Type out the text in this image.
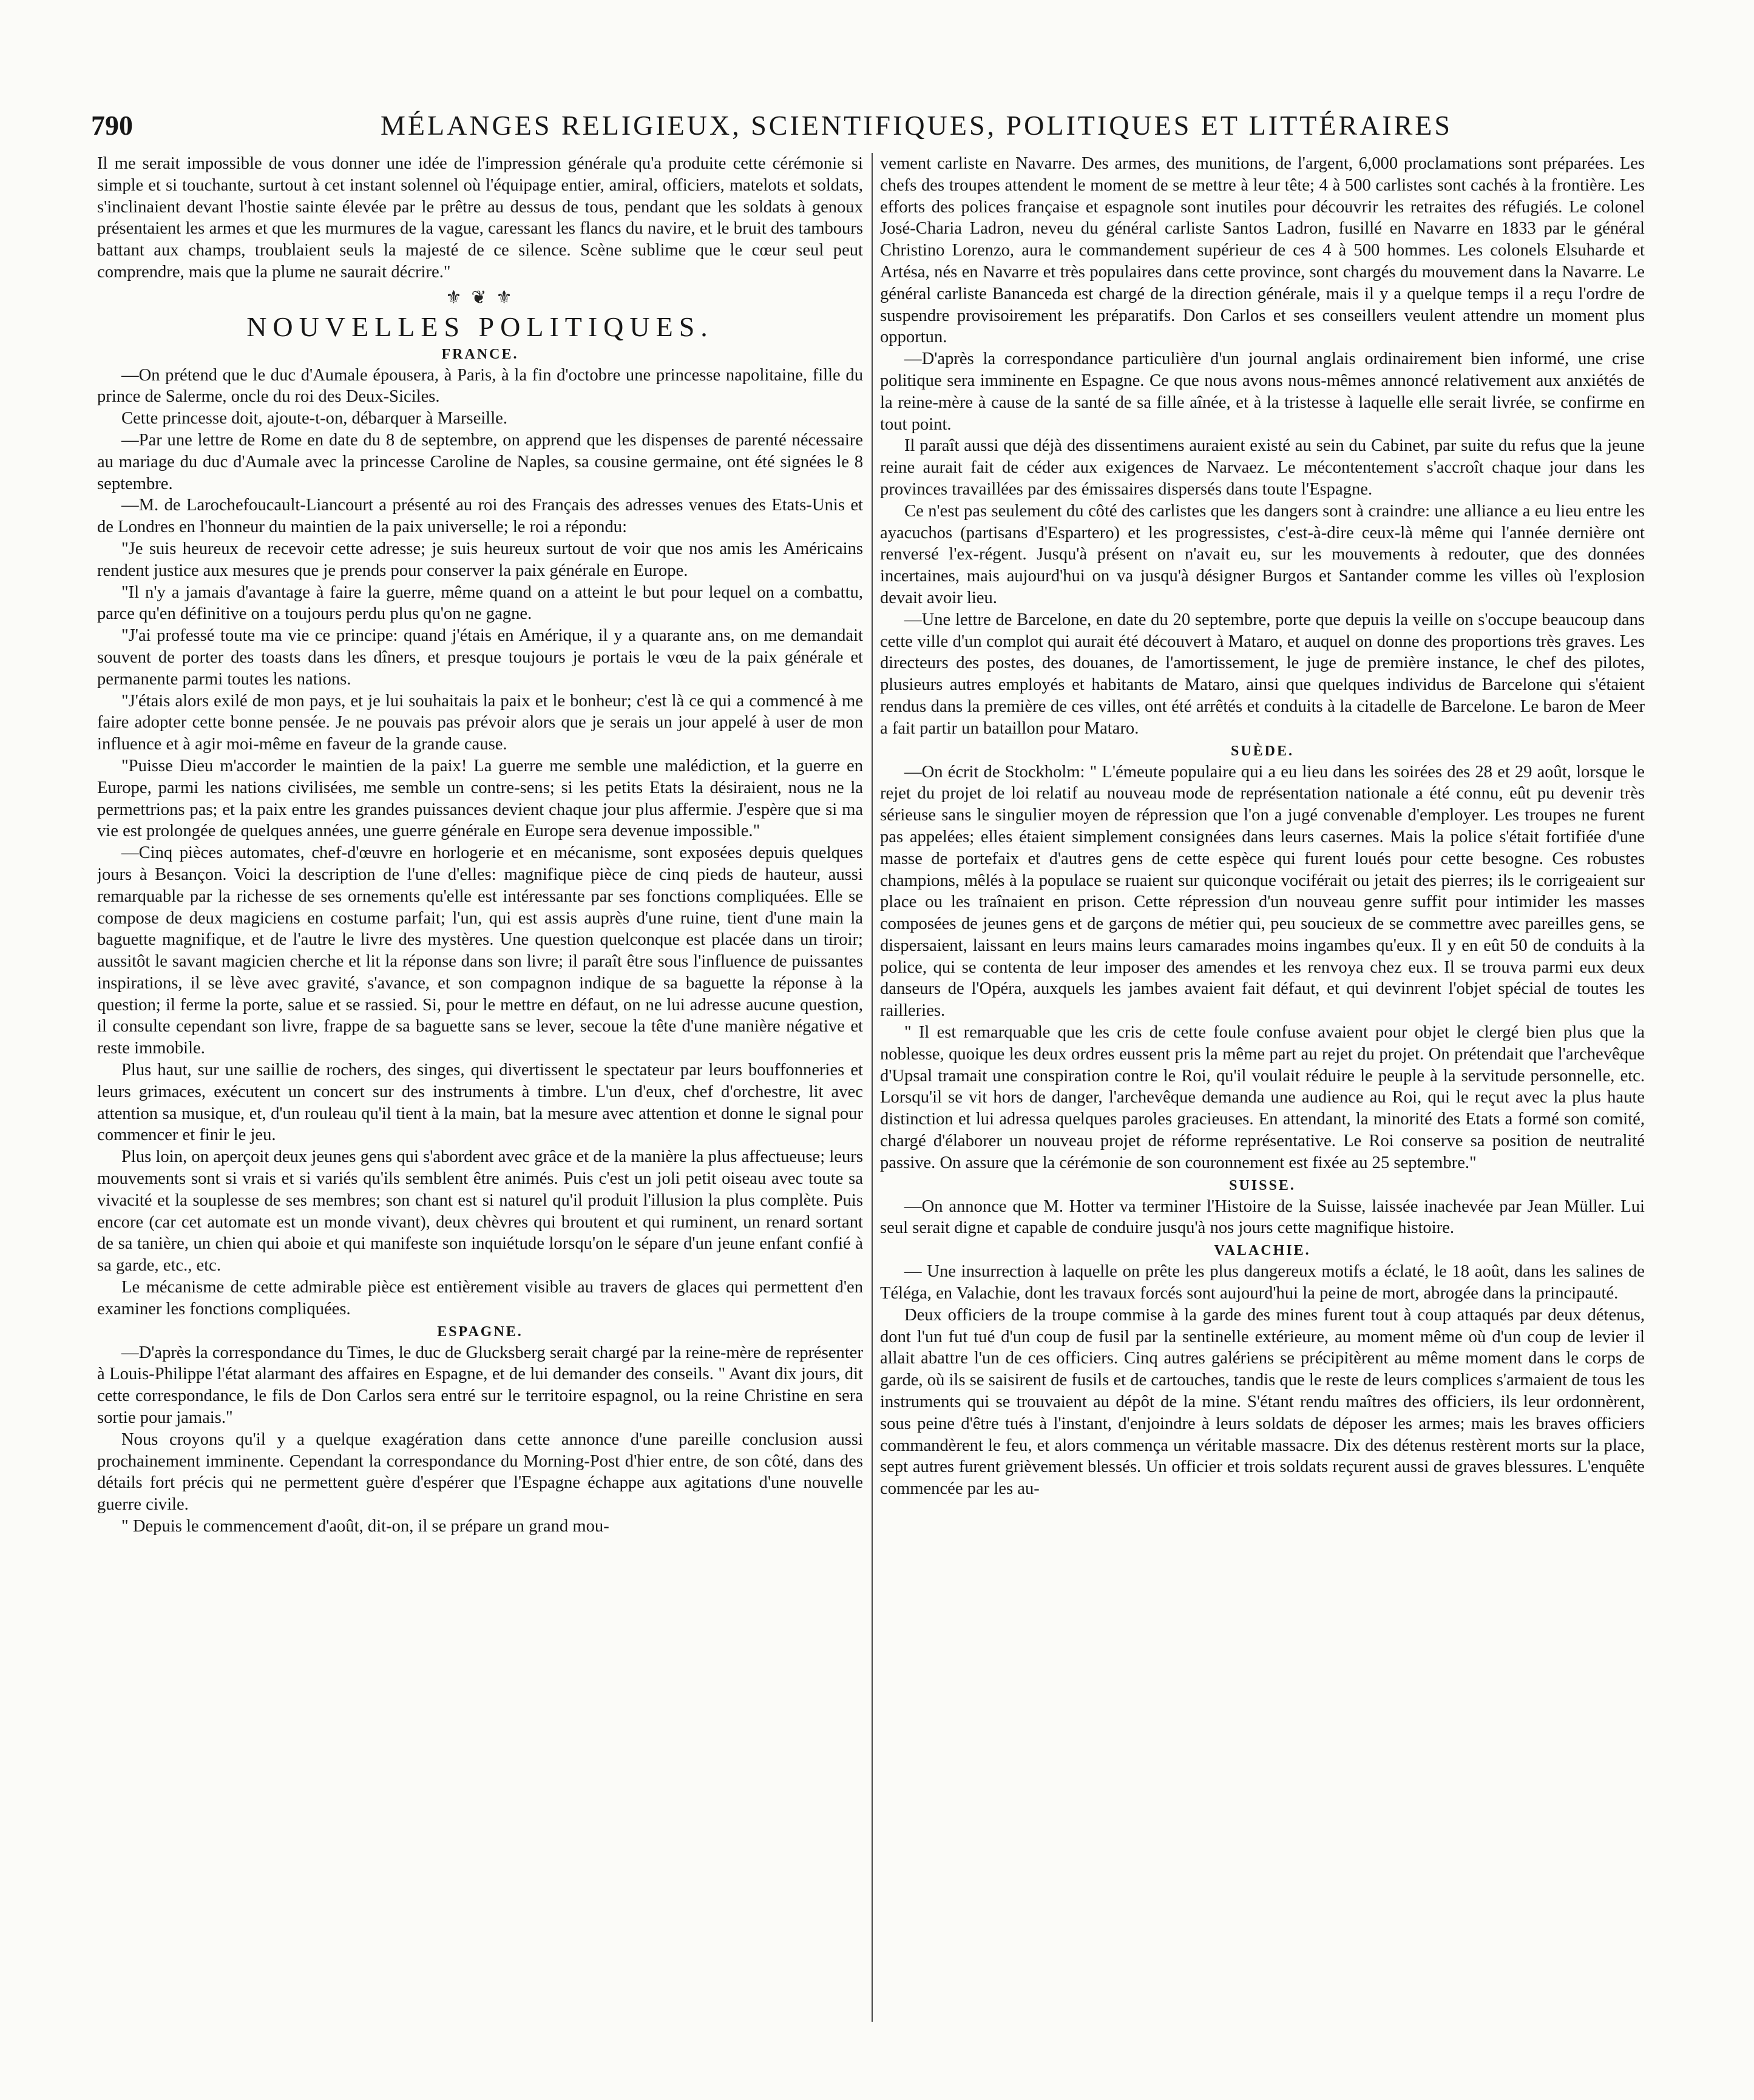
790	MÉLANGES RELIGIEUX, SCIENTIFIQUES, POLITIQUES ET LITTÉRAIRES

Il me serait impossible de vous donner une idée de l'impression générale qu'a produite cette cérémonie si simple et si touchante, surtout à cet instant solennel où l'équipage entier, amiral, officiers, matelots et soldats, s'inclinaient devant l'hostie sainte élevée par le prêtre au dessus de tous, pendant que les soldats à genoux présentaient les armes et que les murmures de la vague, caressant les flancs du navire, et le bruit des tambours battant aux champs, troublaient seuls la majesté de ce silence. Scène sublime que le cœur seul peut comprendre, mais que la plume ne saurait décrire."

⚜ ❦ ⚜
NOUVELLES POLITIQUES.
FRANCE.

—On prétend que le duc d'Aumale épousera, à Paris, à la fin d'octobre une princesse napolitaine, fille du prince de Salerme, oncle du roi des Deux-Siciles.

Cette princesse doit, ajoute-t-on, débarquer à Marseille.

—Par une lettre de Rome en date du 8 de septembre, on apprend que les dispenses de parenté nécessaire au mariage du duc d'Aumale avec la princesse Caroline de Naples, sa cousine germaine, ont été signées le 8 septembre.

—M. de Larochefoucault-Liancourt a présenté au roi des Français des adresses venues des Etats-Unis et de Londres en l'honneur du maintien de la paix universelle; le roi a répondu:

"Je suis heureux de recevoir cette adresse; je suis heureux surtout de voir que nos amis les Américains rendent justice aux mesures que je prends pour conserver la paix générale en Europe.

"Il n'y a jamais d'avantage à faire la guerre, même quand on a atteint le but pour lequel on a combattu, parce qu'en définitive on a toujours perdu plus qu'on ne gagne.

"J'ai professé toute ma vie ce principe: quand j'étais en Amérique, il y a quarante ans, on me demandait souvent de porter des toasts dans les dîners, et presque toujours je portais le vœu de la paix générale et permanente parmi toutes les nations.

"J'étais alors exilé de mon pays, et je lui souhaitais la paix et le bonheur; c'est là ce qui a commencé à me faire adopter cette bonne pensée. Je ne pouvais pas prévoir alors que je serais un jour appelé à user de mon influence et à agir moi-même en faveur de la grande cause.

"Puisse Dieu m'accorder le maintien de la paix! La guerre me semble une malédiction, et la guerre en Europe, parmi les nations civilisées, me semble un contre-sens; si les petits Etats la désiraient, nous ne la permettrions pas; et la paix entre les grandes puissances devient chaque jour plus affermie. J'espère que si ma vie est prolongée de quelques années, une guerre générale en Europe sera devenue impossible."

—Cinq pièces automates, chef-d'œuvre en horlogerie et en mécanisme, sont exposées depuis quelques jours à Besançon. Voici la description de l'une d'elles: magnifique pièce de cinq pieds de hauteur, aussi remarquable par la richesse de ses ornements qu'elle est intéressante par ses fonctions compliquées. Elle se compose de deux magiciens en costume parfait; l'un, qui est assis auprès d'une ruine, tient d'une main la baguette magnifique, et de l'autre le livre des mystères. Une question quelconque est placée dans un tiroir; aussitôt le savant magicien cherche et lit la réponse dans son livre; il paraît être sous l'influence de puissantes inspirations, il se lève avec gravité, s'avance, et son compagnon indique de sa baguette la réponse à la question; il ferme la porte, salue et se rassied. Si, pour le mettre en défaut, on ne lui adresse aucune question, il consulte cependant son livre, frappe de sa baguette sans se lever, secoue la tête d'une manière négative et reste immobile.

Plus haut, sur une saillie de rochers, des singes, qui divertissent le spectateur par leurs bouffonneries et leurs grimaces, exécutent un concert sur des instruments à timbre. L'un d'eux, chef d'orchestre, lit avec attention sa musique, et, d'un rouleau qu'il tient à la main, bat la mesure avec attention et donne le signal pour commencer et finir le jeu.

Plus loin, on aperçoit deux jeunes gens qui s'abordent avec grâce et de la manière la plus affectueuse; leurs mouvements sont si vrais et si variés qu'ils semblent être animés. Puis c'est un joli petit oiseau avec toute sa vivacité et la souplesse de ses membres; son chant est si naturel qu'il produit l'illusion la plus complète. Puis encore (car cet automate est un monde vivant), deux chèvres qui broutent et qui ruminent, un renard sortant de sa tanière, un chien qui aboie et qui manifeste son inquiétude lorsqu'on le sépare d'un jeune enfant confié à sa garde, etc., etc.

Le mécanisme de cette admirable pièce est entièrement visible au travers de glaces qui permettent d'en examiner les fonctions compliquées.

ESPAGNE.

—D'après la correspondance du Times, le duc de Glucksberg serait chargé par la reine-mère de représenter à Louis-Philippe l'état alarmant des affaires en Espagne, et de lui demander des conseils. " Avant dix jours, dit cette correspondance, le fils de Don Carlos sera entré sur le territoire espagnol, ou la reine Christine en sera sortie pour jamais."

Nous croyons qu'il y a quelque exagération dans cette annonce d'une pareille conclusion aussi prochainement imminente. Cependant la correspondance du Morning-Post d'hier entre, de son côté, dans des détails fort précis qui ne permettent guère d'espérer que l'Espagne échappe aux agitations d'une nouvelle guerre civile.

" Depuis le commencement d'août, dit-on, il se prépare un grand mou-

vement carliste en Navarre. Des armes, des munitions, de l'argent, 6,000 proclamations sont préparées. Les chefs des troupes attendent le moment de se mettre à leur tête; 4 à 500 carlistes sont cachés à la frontière. Les efforts des polices française et espagnole sont inutiles pour découvrir les retraites des réfugiés. Le colonel José-Charia Ladron, neveu du général carliste Santos Ladron, fusillé en Navarre en 1833 par le général Christino Lorenzo, aura le commandement supérieur de ces 4 à 500 hommes. Les colonels Elsuharde et Artésa, nés en Navarre et très populaires dans cette province, sont chargés du mouvement dans la Navarre. Le général carliste Bananceda est chargé de la direction générale, mais il y a quelque temps il a reçu l'ordre de suspendre provisoirement les préparatifs. Don Carlos et ses conseillers veulent attendre un moment plus opportun.

—D'après la correspondance particulière d'un journal anglais ordinairement bien informé, une crise politique sera imminente en Espagne. Ce que nous avons nous-mêmes annoncé relativement aux anxiétés de la reine-mère à cause de la santé de sa fille aînée, et à la tristesse à laquelle elle serait livrée, se confirme en tout point.

Il paraît aussi que déjà des dissentimens auraient existé au sein du Cabinet, par suite du refus que la jeune reine aurait fait de céder aux exigences de Narvaez. Le mécontentement s'accroît chaque jour dans les provinces travaillées par des émissaires dispersés dans toute l'Espagne.

Ce n'est pas seulement du côté des carlistes que les dangers sont à craindre: une alliance a eu lieu entre les ayacuchos (partisans d'Espartero) et les progressistes, c'est-à-dire ceux-là même qui l'année dernière ont renversé l'ex-régent. Jusqu'à présent on n'avait eu, sur les mouvements à redouter, que des données incertaines, mais aujourd'hui on va jusqu'à désigner Burgos et Santander comme les villes où l'explosion devait avoir lieu.

—Une lettre de Barcelone, en date du 20 septembre, porte que depuis la veille on s'occupe beaucoup dans cette ville d'un complot qui aurait été découvert à Mataro, et auquel on donne des proportions très graves. Les directeurs des postes, des douanes, de l'amortissement, le juge de première instance, le chef des pilotes, plusieurs autres employés et habitants de Mataro, ainsi que quelques individus de Barcelone qui s'étaient rendus dans la première de ces villes, ont été arrêtés et conduits à la citadelle de Barcelone. Le baron de Meer a fait partir un bataillon pour Mataro.

SUÈDE.

—On écrit de Stockholm: " L'émeute populaire qui a eu lieu dans les soirées des 28 et 29 août, lorsque le rejet du projet de loi relatif au nouveau mode de représentation nationale a été connu, eût pu devenir très sérieuse sans le singulier moyen de répression que l'on a jugé convenable d'employer. Les troupes ne furent pas appelées; elles étaient simplement consignées dans leurs casernes. Mais la police s'était fortifiée d'une masse de portefaix et d'autres gens de cette espèce qui furent loués pour cette besogne. Ces robustes champions, mêlés à la populace se ruaient sur quiconque vociférait ou jetait des pierres; ils le corrigeaient sur place ou les traînaient en prison. Cette répression d'un nouveau genre suffit pour intimider les masses composées de jeunes gens et de garçons de métier qui, peu soucieux de se commettre avec pareilles gens, se dispersaient, laissant en leurs mains leurs camarades moins ingambes qu'eux. Il y en eût 50 de conduits à la police, qui se contenta de leur imposer des amendes et les renvoya chez eux. Il se trouva parmi eux deux danseurs de l'Opéra, auxquels les jambes avaient fait défaut, et qui devinrent l'objet spécial de toutes les railleries.

" Il est remarquable que les cris de cette foule confuse avaient pour objet le clergé bien plus que la noblesse, quoique les deux ordres eussent pris la même part au rejet du projet. On prétendait que l'archevêque d'Upsal tramait une conspiration contre le Roi, qu'il voulait réduire le peuple à la servitude personnelle, etc. Lorsqu'il se vit hors de danger, l'archevêque demanda une audience au Roi, qui le reçut avec la plus haute distinction et lui adressa quelques paroles gracieuses. En attendant, la minorité des Etats a formé son comité, chargé d'élaborer un nouveau projet de réforme représentative. Le Roi conserve sa position de neutralité passive. On assure que la cérémonie de son couronnement est fixée au 25 septembre."

SUISSE.

—On annonce que M. Hotter va terminer l'Histoire de la Suisse, laissée inachevée par Jean Müller. Lui seul serait digne et capable de conduire jusqu'à nos jours cette magnifique histoire.

VALACHIE.

— Une insurrection à laquelle on prête les plus dangereux motifs a éclaté, le 18 août, dans les salines de Téléga, en Valachie, dont les travaux forcés sont aujourd'hui la peine de mort, abrogée dans la principauté.

Deux officiers de la troupe commise à la garde des mines furent tout à coup attaqués par deux détenus, dont l'un fut tué d'un coup de fusil par la sentinelle extérieure, au moment même où d'un coup de levier il allait abattre l'un de ces officiers. Cinq autres galériens se précipitèrent au même moment dans le corps de garde, où ils se saisirent de fusils et de cartouches, tandis que le reste de leurs complices s'armaient de tous les instruments qui se trouvaient au dépôt de la mine. S'étant rendu maîtres des officiers, ils leur ordonnèrent, sous peine d'être tués à l'instant, d'enjoindre à leurs soldats de déposer les armes; mais les braves officiers commandèrent le feu, et alors commença un véritable massacre. Dix des détenus restèrent morts sur la place, sept autres furent grièvement blessés. Un officier et trois soldats reçurent aussi de graves blessures. L'enquête commencée par les au-
